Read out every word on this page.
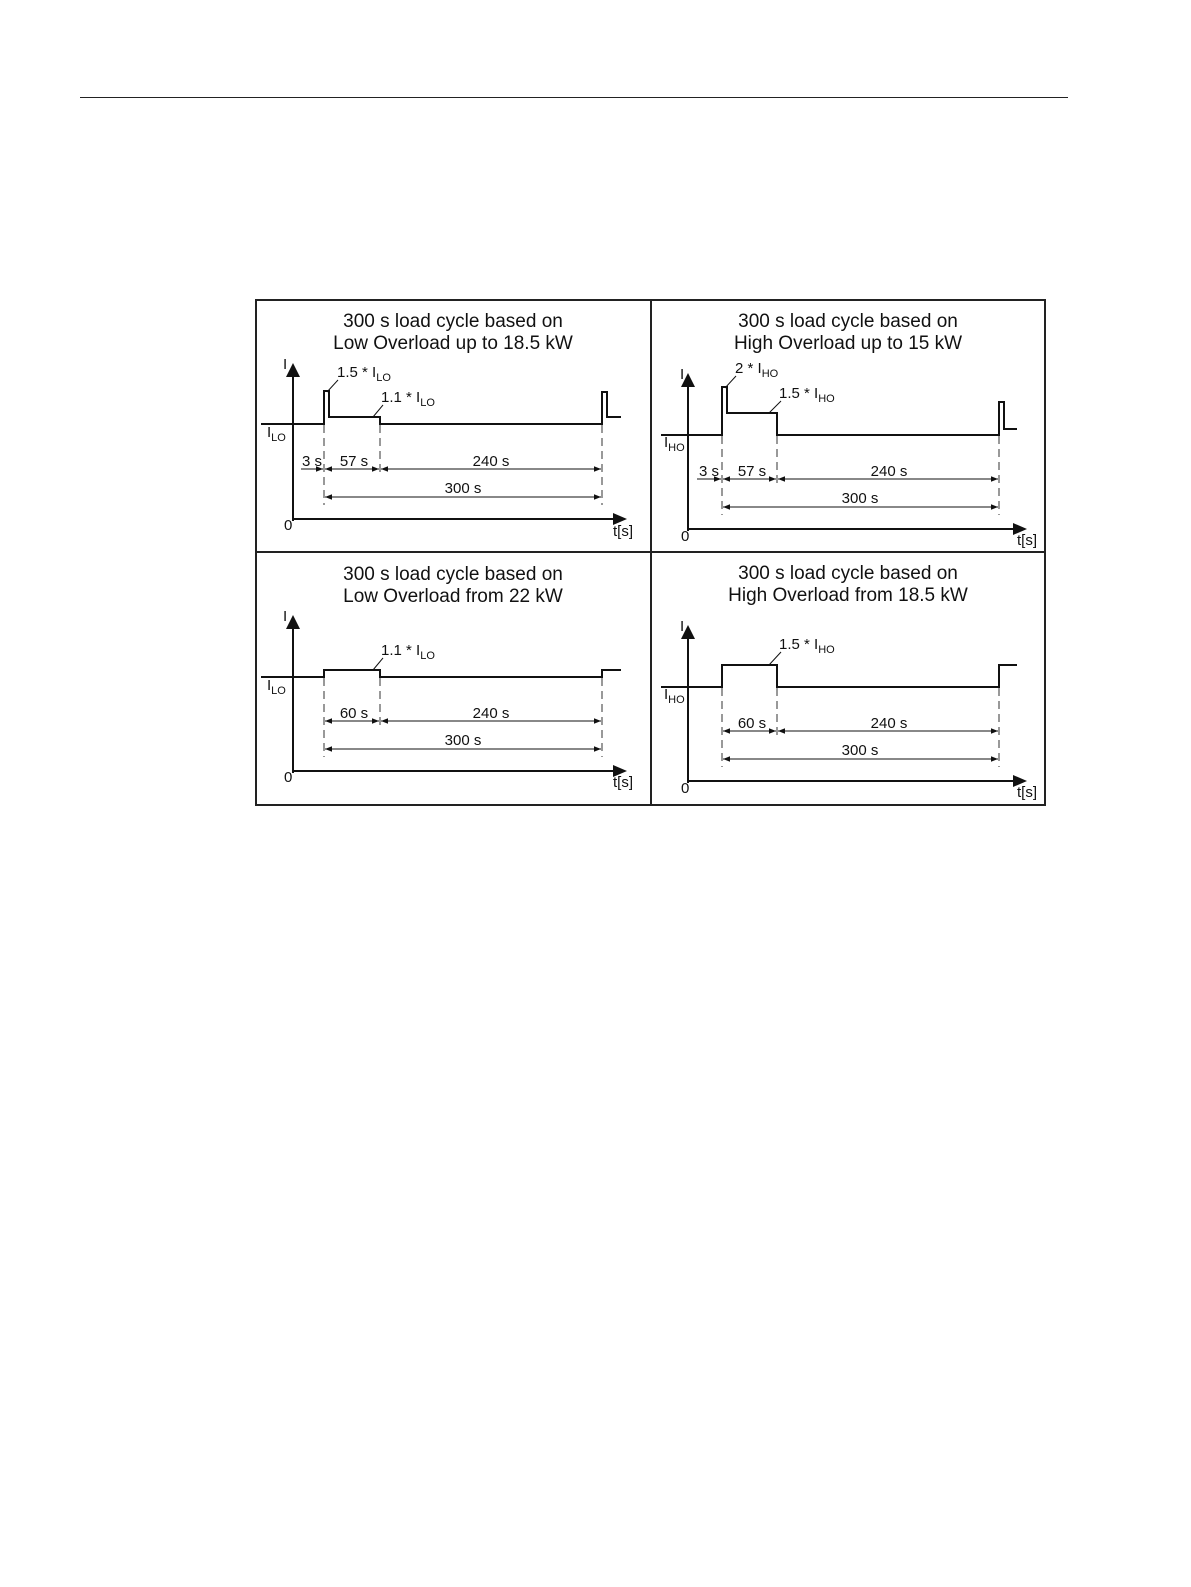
300 s load cycle based on
Low Overload up to 18.5 kW
I
t[s]
0
$I_{LO}$
$1.5 * I_{LO}$
$1.1 * I_{LO}$
3 s 57 s	240 s
300 s
300 s load cycle based on
High Overload up to 15 kW
I
t[s]
0
$I_{HO}$
$2 * I_{HO}$
$1.5 * I_{HO}$
3 s 57 s	240 s
300 s
300 s load cycle based on
Low Overload from 22 kW
I
t[s]
0
$I_{LO}$
$1.1 * I_{LO}$
60 s	240 s
300 s
300 s load cycle based on
High Overload from 18.5 kW
I
t[s]
0
$I_{HO}$
$1.5 * I_{HO}$
60 s	240 s
300 s
